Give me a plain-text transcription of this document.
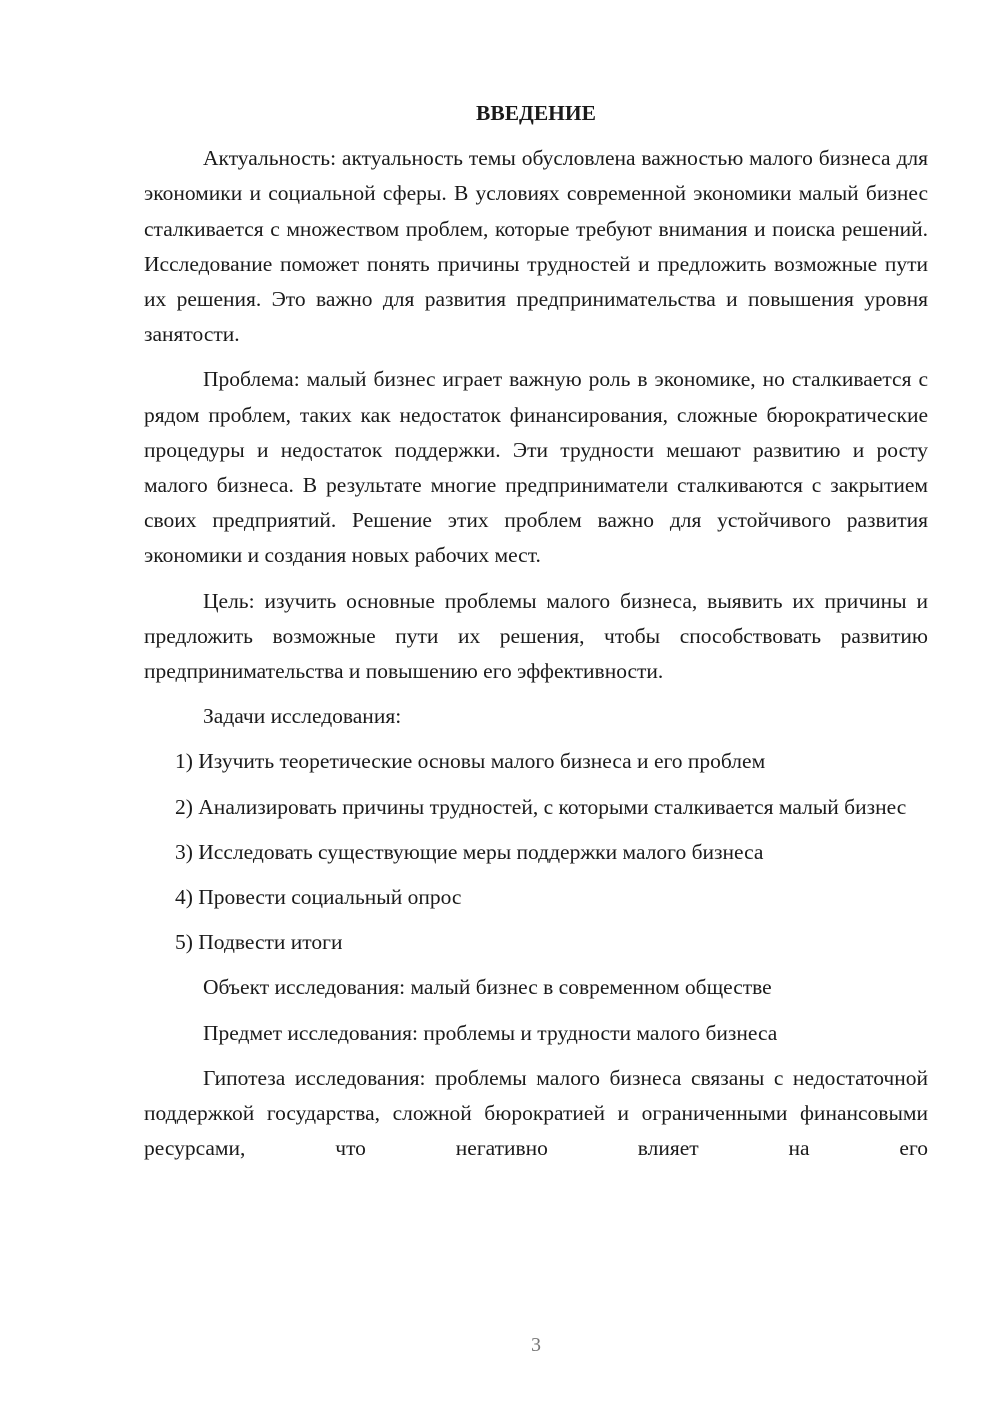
ВВЕДЕНИЕ

Актуальность: актуальность темы обусловлена важностью малого бизнеса для экономики и социальной сферы. В условиях современной экономики малый бизнес сталкивается с множеством проблем, которые требуют внимания и поиска решений. Исследование поможет понять причины трудностей и предложить возможные пути их решения. Это важно для развития предпринимательства и повышения уровня занятости.

Проблема: малый бизнес играет важную роль в экономике, но сталкивается с рядом проблем, таких как недостаток финансирования, сложные бюрократические процедуры и недостаток поддержки. Эти трудности мешают развитию и росту малого бизнеса. В результате многие предприниматели сталкиваются с закрытием своих предприятий. Решение этих проблем важно для устойчивого развития экономики и создания новых рабочих мест.

Цель: изучить основные проблемы малого бизнеса, выявить их причины и предложить возможные пути их решения, чтобы способствовать развитию предпринимательства и повышению его эффективности.

Задачи исследования:

1) Изучить теоретические основы малого бизнеса и его проблем

2) Анализировать причины трудностей, с которыми сталкивается малый бизнес

3) Исследовать существующие меры поддержки малого бизнеса

4) Провести социальный опрос

5) Подвести итоги

Объект исследования: малый бизнес в современном обществе

Предмет исследования: проблемы и трудности малого бизнеса

Гипотеза исследования: проблемы малого бизнеса связаны с недостаточной поддержкой государства, сложной бюрократией и ограниченными финансовыми ресурсами, что негативно влияет на его

3
